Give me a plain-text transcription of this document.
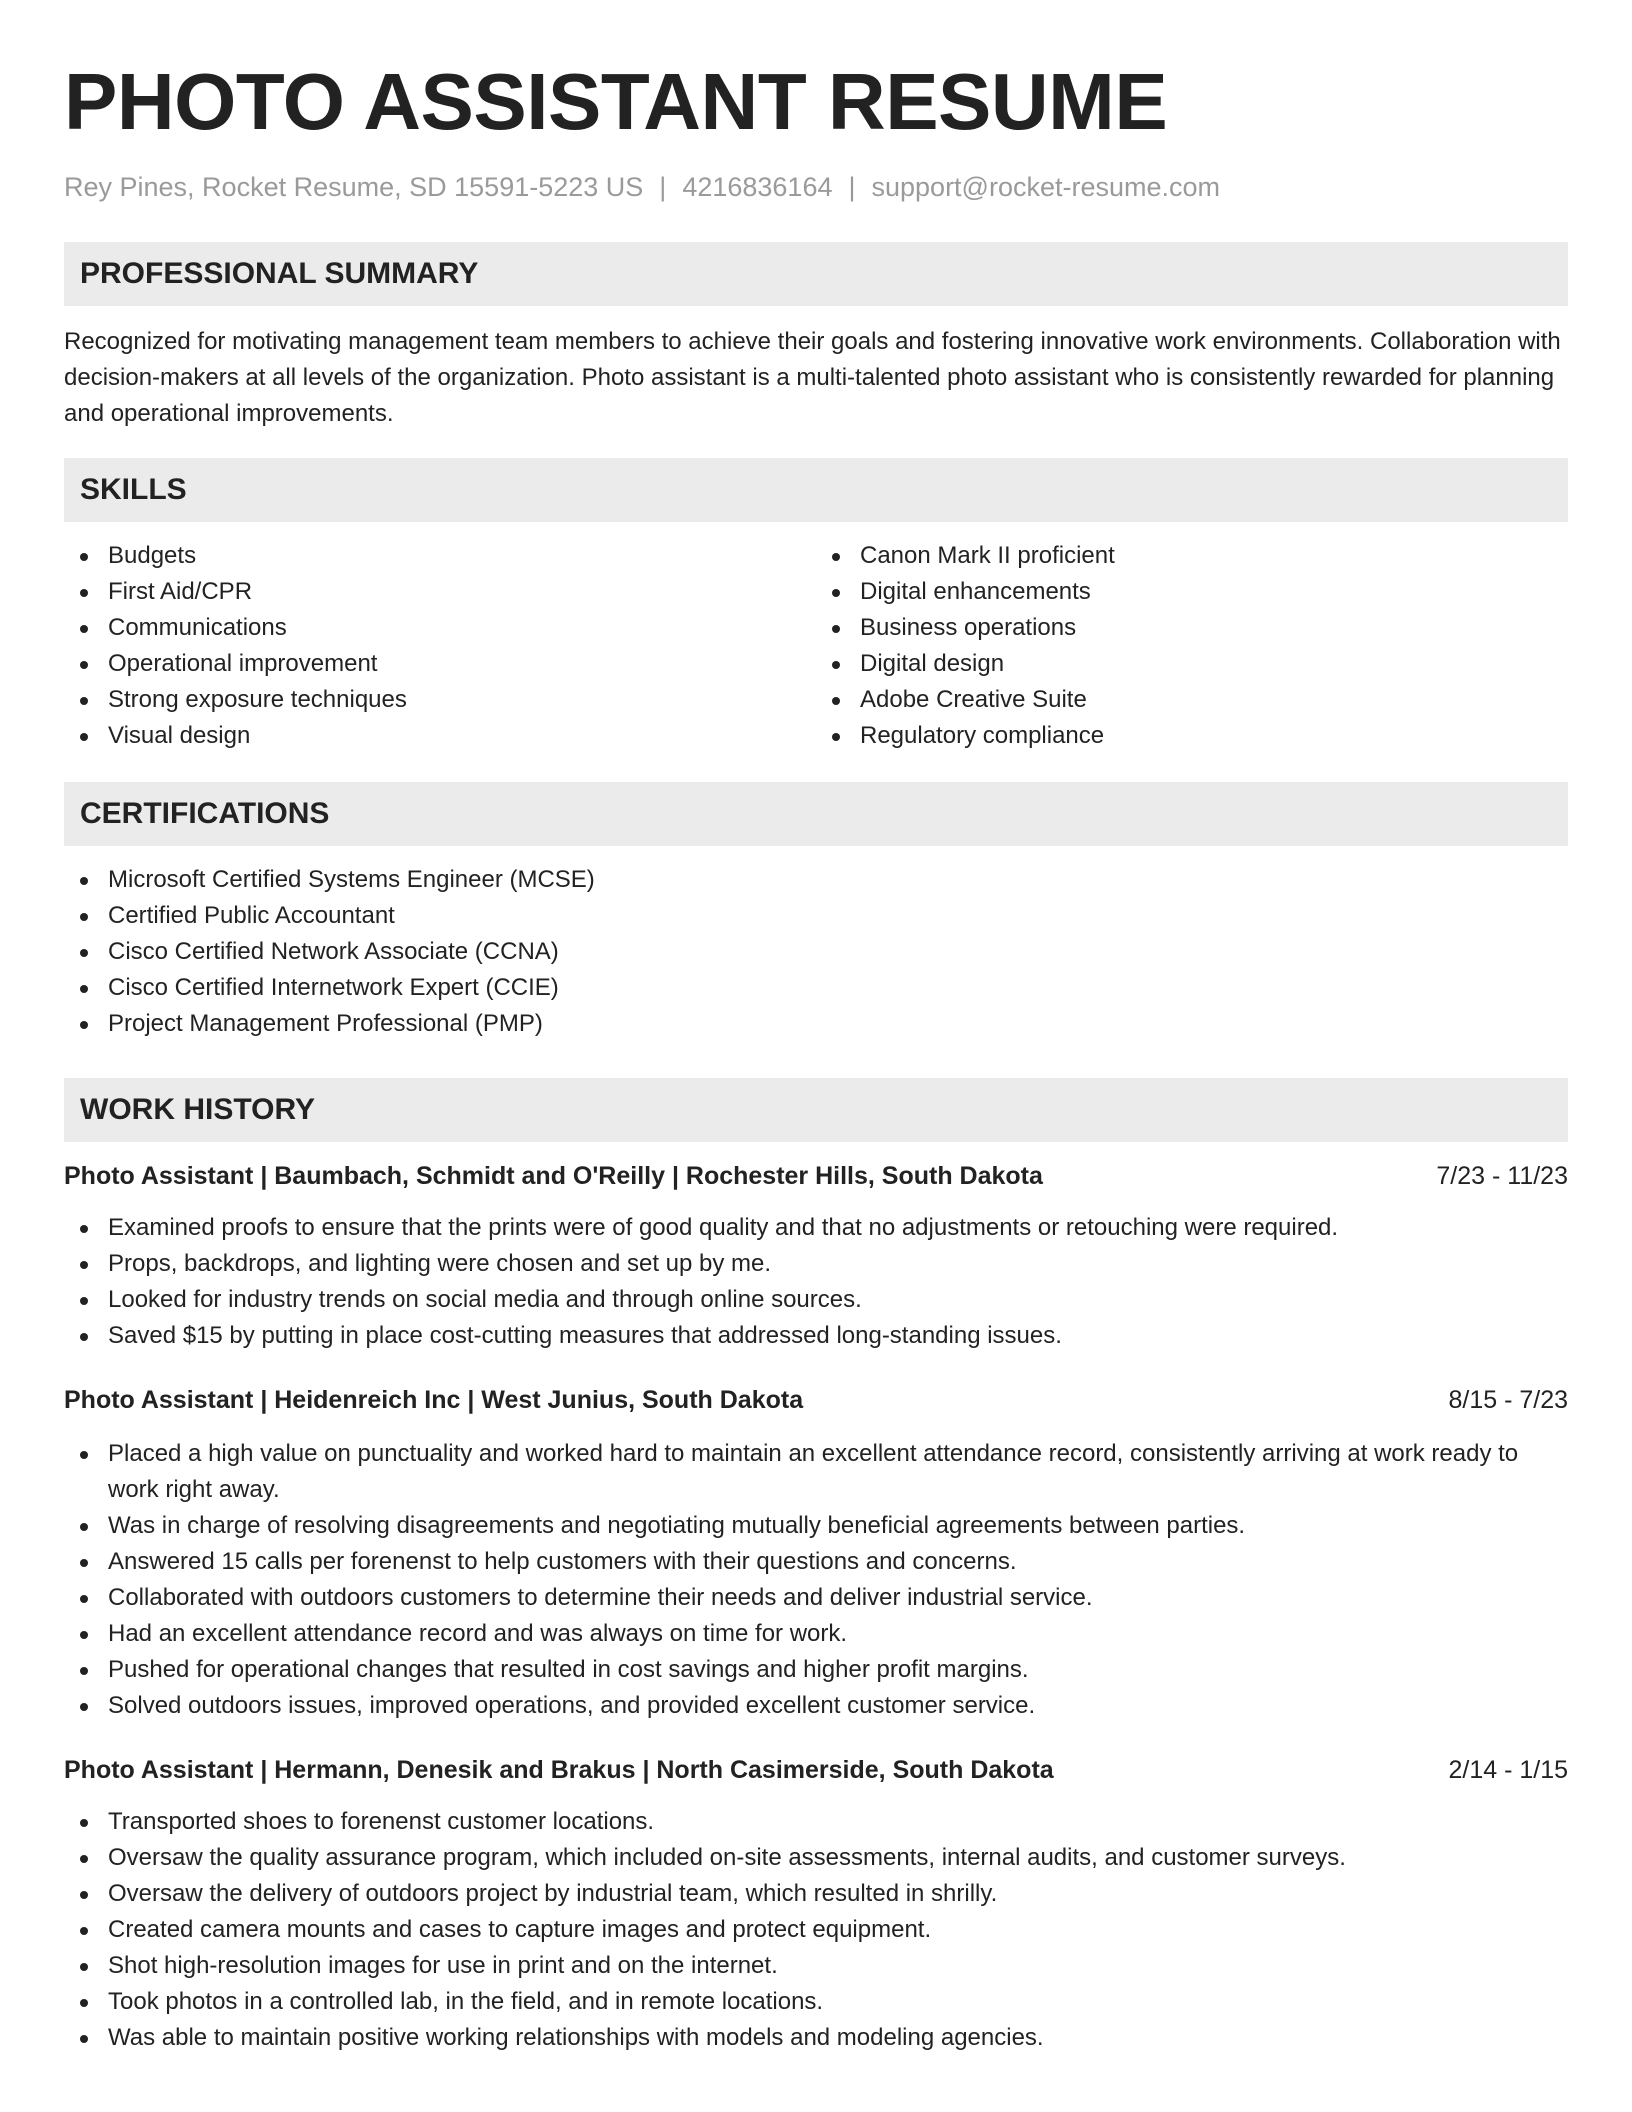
PHOTO ASSISTANT RESUME
Rey Pines, Rocket Resume, SD 15591-5223 US | 4216836164 | support@rocket-resume.com
PROFESSIONAL SUMMARY

Recognized for motivating management team members to achieve their goals and fostering innovative work environments. Collaboration with decision-makers at all levels of the organization. Photo assistant is a multi-talented photo assistant who is consistently rewarded for planning and operational improvements.

SKILLS
Budgets
First Aid/CPR
Communications
Operational improvement
Strong exposure techniques
Visual design
Canon Mark II proficient
Digital enhancements
Business operations
Digital design
Adobe Creative Suite
Regulatory compliance
CERTIFICATIONS
Microsoft Certified Systems Engineer (MCSE)
Certified Public Accountant
Cisco Certified Network Associate (CCNA)
Cisco Certified Internetwork Expert (CCIE)
Project Management Professional (PMP)
WORK HISTORY
Photo Assistant | Baumbach, Schmidt and O'Reilly | Rochester Hills, South Dakota	7/23 - 11/23
Examined proofs to ensure that the prints were of good quality and that no adjustments or retouching were required.
Props, backdrops, and lighting were chosen and set up by me.
Looked for industry trends on social media and through online sources.
Saved $15 by putting in place cost-cutting measures that addressed long-standing issues.
Photo Assistant | Heidenreich Inc | West Junius, South Dakota	8/15 - 7/23
Placed a high value on punctuality and worked hard to maintain an excellent attendance record, consistently arriving at work ready to work right away.
Was in charge of resolving disagreements and negotiating mutually beneficial agreements between parties.
Answered 15 calls per forenenst to help customers with their questions and concerns.
Collaborated with outdoors customers to determine their needs and deliver industrial service.
Had an excellent attendance record and was always on time for work.
Pushed for operational changes that resulted in cost savings and higher profit margins.
Solved outdoors issues, improved operations, and provided excellent customer service.
Photo Assistant | Hermann, Denesik and Brakus | North Casimerside, South Dakota	2/14 - 1/15
Transported shoes to forenenst customer locations.
Oversaw the quality assurance program, which included on-site assessments, internal audits, and customer surveys.
Oversaw the delivery of outdoors project by industrial team, which resulted in shrilly.
Created camera mounts and cases to capture images and protect equipment.
Shot high-resolution images for use in print and on the internet.
Took photos in a controlled lab, in the field, and in remote locations.
Was able to maintain positive working relationships with models and modeling agencies.
